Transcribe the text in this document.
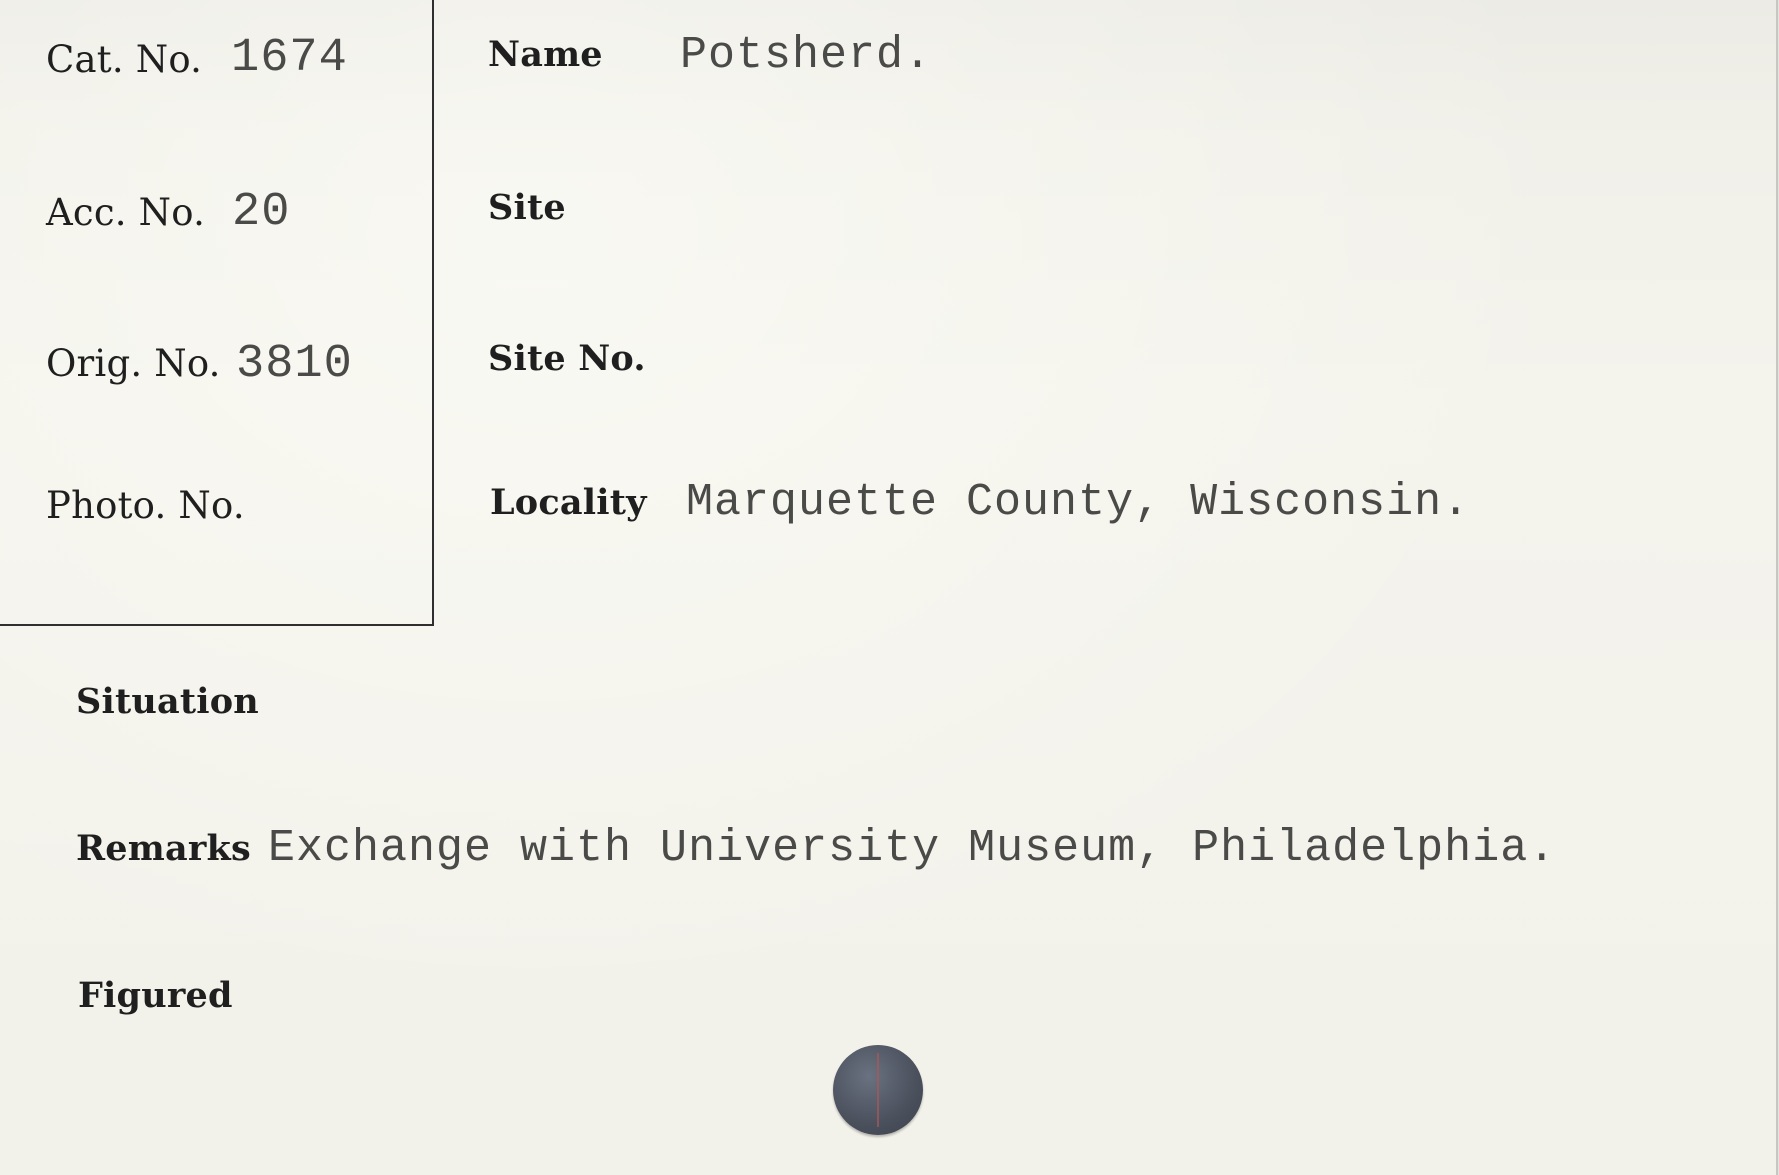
Cat. No. 1674
Acc. No. 20
Orig. No. 3810
Photo. No.
Name Potsherd.
Site
Site No.
Locality Marquette County, Wisconsin.
Situation
Remarks Exchange with University Museum, Philadelphia.
Figured
